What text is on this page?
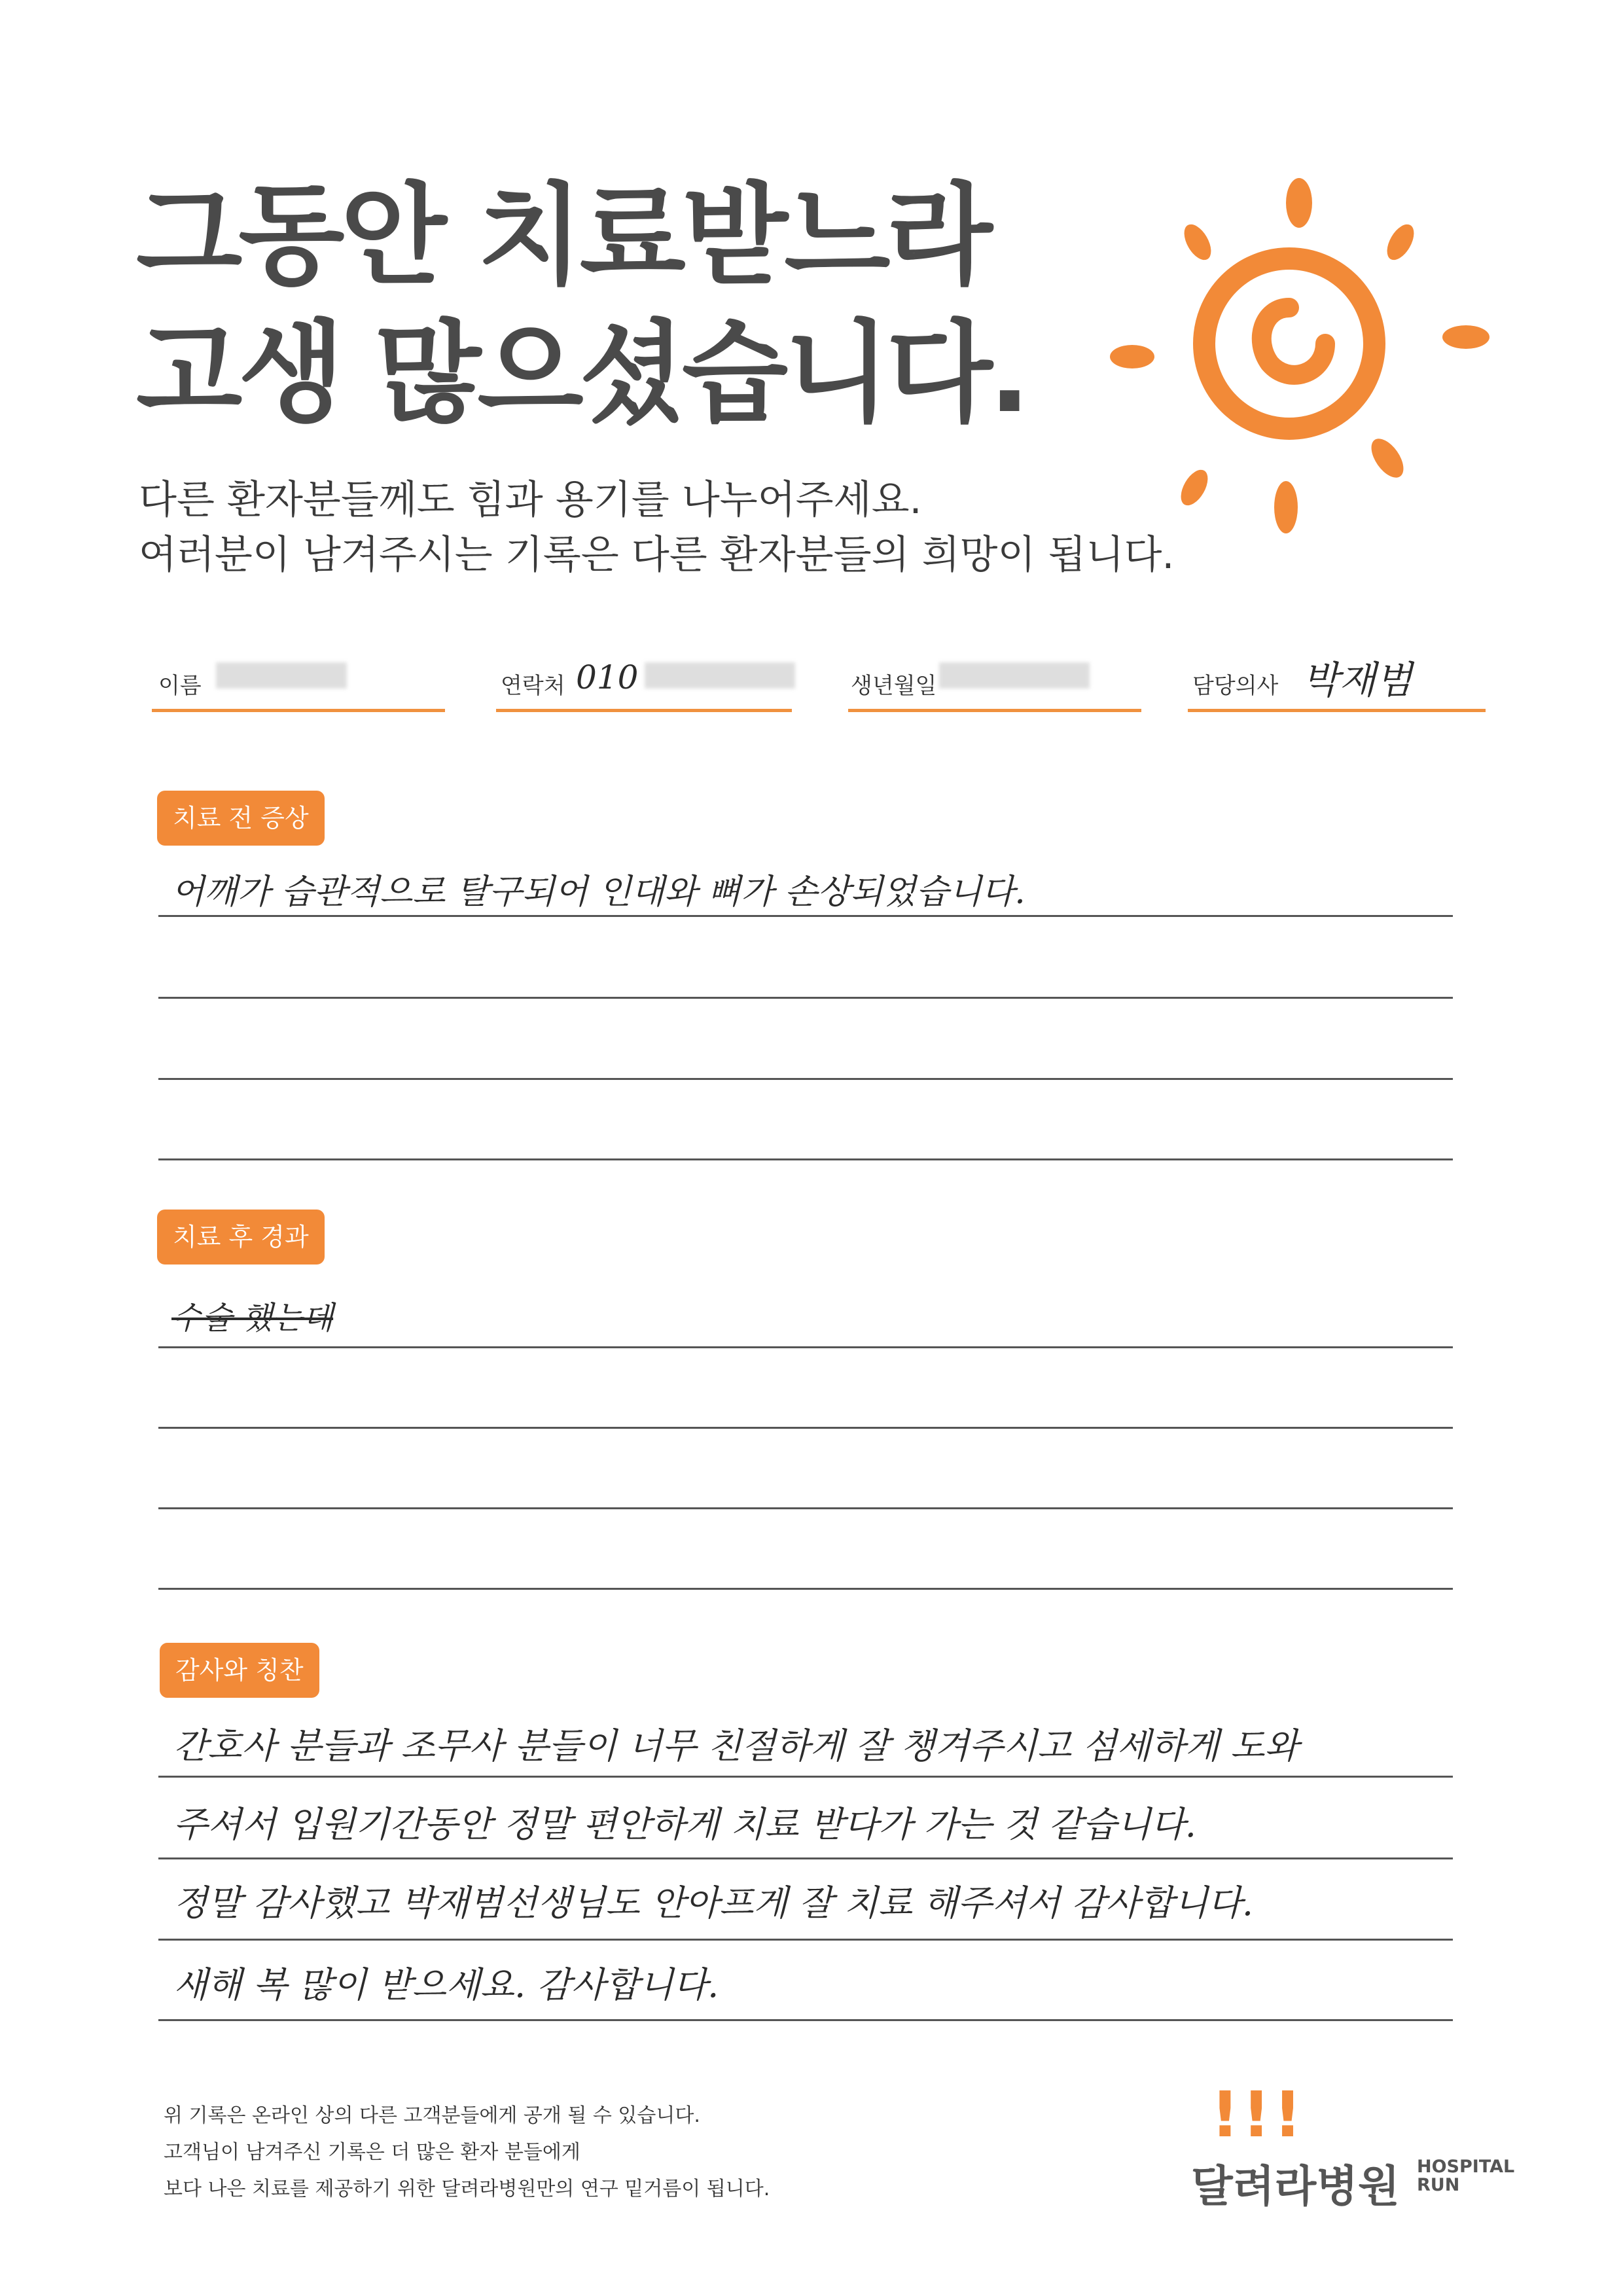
그동안 치료받느라
고생 많으셨습니다.
다른 환자분들께도 힘과 용기를 나누어주세요.
여러분이 남겨주시는 기록은 다른 환자분들의 희망이 됩니다.
이름	연락처 010	생년월일	담당의사 박재범
치료 전 증상
어깨가 습관적으로 탈구되어 인대와 뼈가 손상되었습니다.
치료 후 경과
수술 했는데
감사와 칭찬
간호사 분들과 조무사 분들이 너무 친절하게 잘 챙겨주시고 섬세하게 도와
주셔서 입원기간동안 정말 편안하게 치료 받다가 가는 것 같습니다.
정말 감사했고 박재범선생님도 안아프게 잘 치료 해주셔서 감사합니다.
새해 복 많이 받으세요. 감사합니다.
위 기록은 온라인 상의 다른 고객분들에게 공개 될 수 있습니다.
고객님이 남겨주신 기록은 더 많은 환자 분들에게
보다 나은 치료를 제공하기 위한 달려라병원만의 연구 밑거름이 됩니다.
!!!
달려라병원 HOSPITAL
RUN
